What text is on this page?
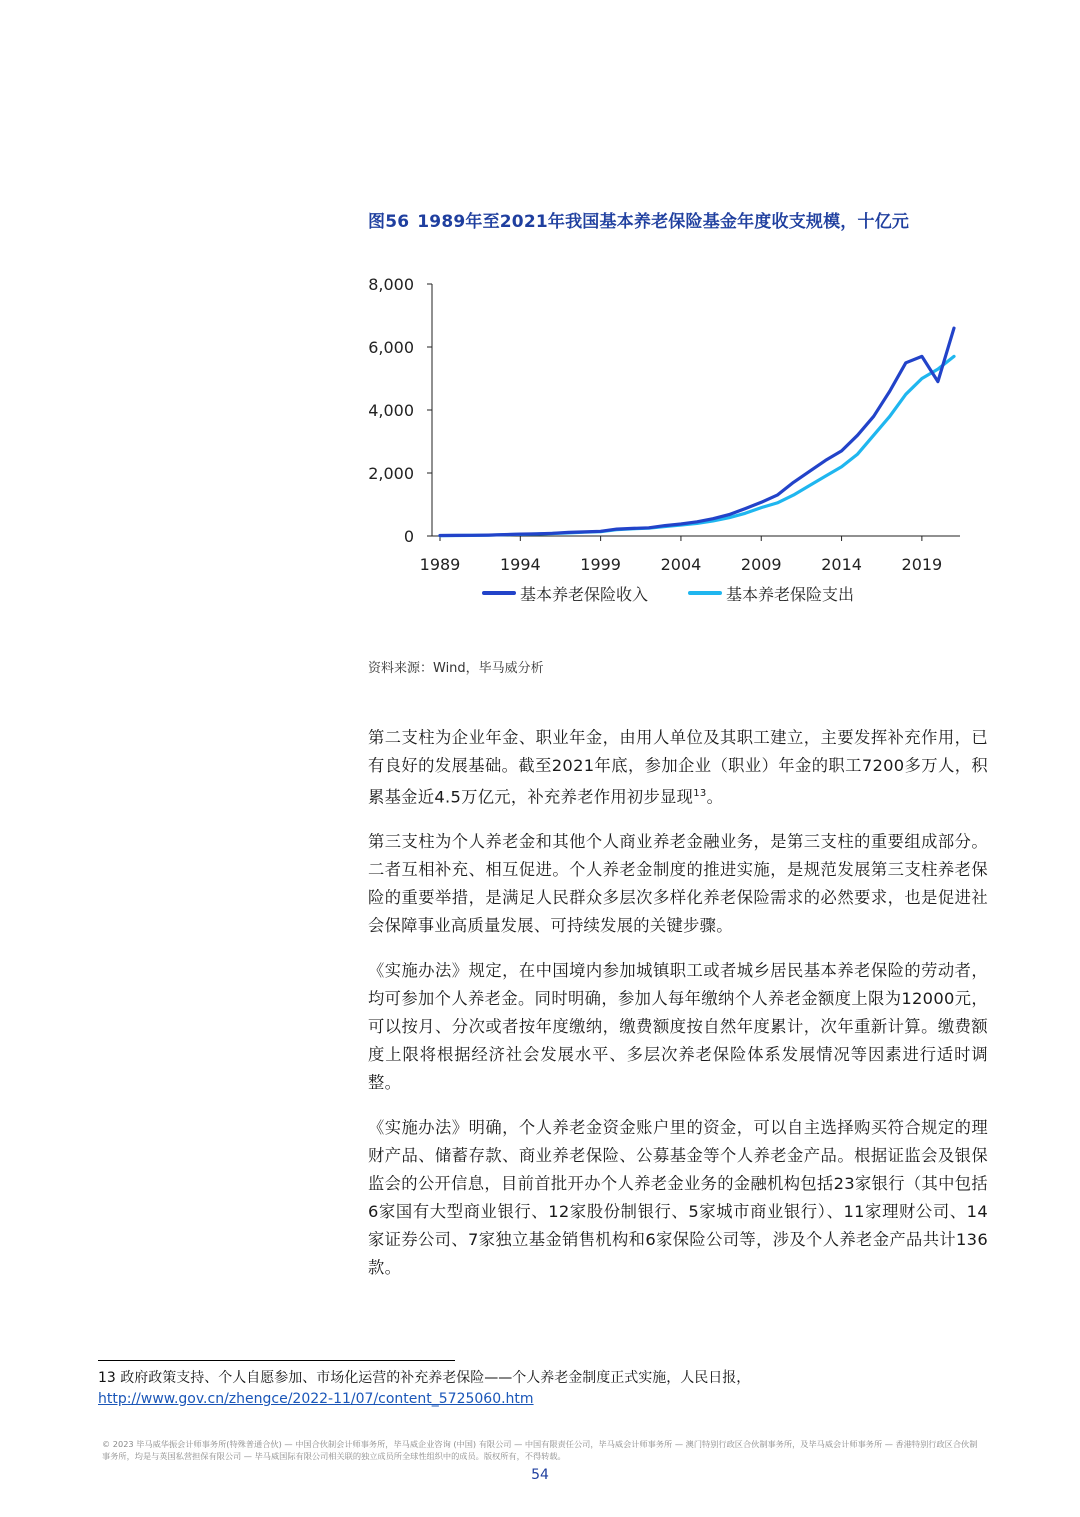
图56 1989年至2021年我国基本养老保险基金年度收支规模，十亿元
0
2,000
4,000
6,000
8,000
1989 1994 1999 2004 2009 2014 2019
基本养老保险收入	基本养老保险支出
资料来源：Wind，毕马威分析

第二支柱为企业年金、职业年金，由用人单位及其职工建立，主要发挥补充作用，已有良好的发展基础。截至2021年底，参加企业（职业）年金的职工7200多万人，积累基金近4.5万亿元，补充养老作用初步显现$^{13}$。

第三支柱为个人养老金和其他个人商业养老金融业务，是第三支柱的重要组成部分。二者互相补充、相互促进。个人养老金制度的推进实施，是规范发展第三支柱养老保险的重要举措，是满足人民群众多层次多样化养老保险需求的必然要求，也是促进社会保障事业高质量发展、可持续发展的关键步骤。

《实施办法》规定，在中国境内参加城镇职工或者城乡居民基本养老保险的劳动者，均可参加个人养老金。同时明确，参加人每年缴纳个人养老金额度上限为12000元，可以按月、分次或者按年度缴纳，缴费额度按自然年度累计，次年重新计算。缴费额度上限将根据经济社会发展水平、多层次养老保险体系发展情况等因素进行适时调整。

《实施办法》明确，个人养老金资金账户里的资金，可以自主选择购买符合规定的理财产品、储蓄存款、商业养老保险、公募基金等个人养老金产品。根据证监会及银保监会的公开信息，目前首批开办个人养老金业务的金融机构包括23家银行（其中包括6家国有大型商业银行、12家股份制银行、5家城市商业银行）、11家理财公司、14家证券公司、7家独立基金销售机构和6家保险公司等，涉及个人养老金产品共计136款。

13 政府政策支持、个人自愿参加、市场化运营的补充养老保险——个人养老金制度正式实施，人民日报，
http://www.gov.cn/zhengce/2022-11/07/content_5725060.htm
© 2023 毕马威华振会计师事务所(特殊普通合伙) — 中国合伙制会计师事务所，毕马威企业咨询 (中国) 有限公司 — 中国有限责任公司，毕马威会计师事务所 — 澳门特别行政区合伙制事务所，及毕马威会计师事务所 — 香港特别行政区合伙制事务所，均是与英国私营担保有限公司 — 毕马威国际有限公司相关联的独立成员所全球性组织中的成员。版权所有，不得转载。
54
